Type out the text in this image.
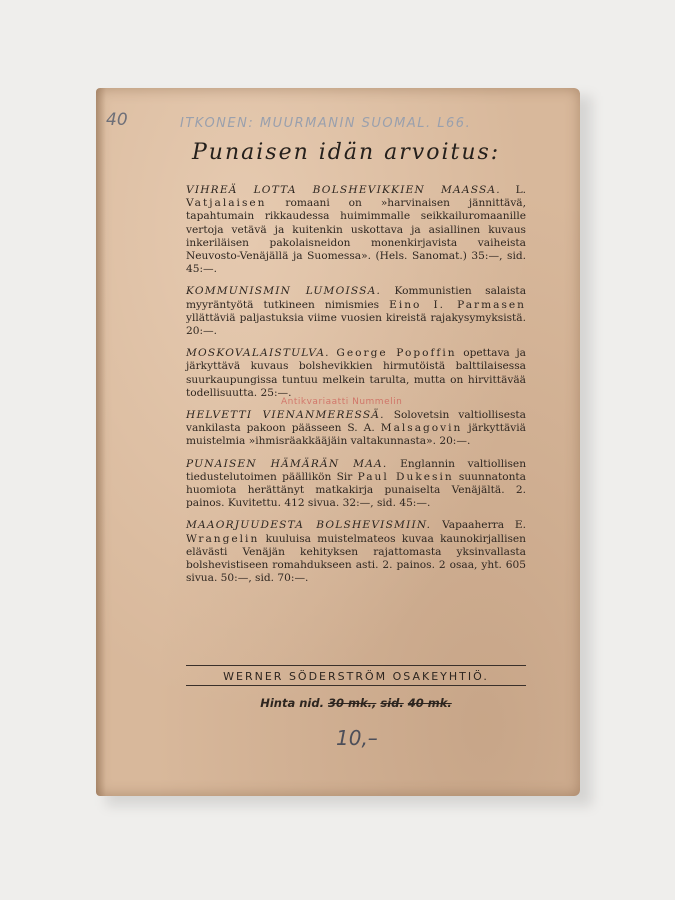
40	ITKONEN: MUURMANIN SUOMAL. L66.
Punaisen idän arvoitus:
VIHREÄ LOTTA BOLSHEVIKKIEN MAASSA. L. Vatjalaisen romaani on »harvinaisen jännittävä, tapahtumain rikkaudessa huimimmalle seikkailuromaanille vertoja vetävä ja kuitenkin uskottava ja asiallinen kuvaus inkeriläisen pakolaisneidon monenkirjavista vaiheista Neuvosto-Venäjällä ja Suomessa». (Hels. Sanomat.) 35:—, sid. 45:—.
KOMMUNISMIN LUMOISSA. Kommunistien salaista myyräntyötä tutkineen nimismies Eino I. Parmasen yllättäviä paljastuksia viime vuosien kireistä rajakysymyksistä. 20:—.
MOSKOVALAISTULVA. George Popoffin opettava ja järkyttävä kuvaus bolshevikkien hirmutöistä balttilaisessa suurkaupungissa tuntuu melkein tarulta, mutta on hirvittävää todellisuutta. 25:—.
HELVETTI VIENANMERESSÄ. Solovetsin valtiollisesta vankilasta pakoon päässeen S. A. Malsagovin järkyttäviä muistelmia »ihmisräakkääjäin valtakunnasta». 20:—.
PUNAISEN HÄMÄRÄN MAA. Englannin valtiollisen tiedustelutoimen päällikön Sir Paul Dukesin suunnatonta huomiota herättänyt matkakirja punaiselta Venäjältä. 2. painos. Kuvitettu. 412 sivua. 32:—, sid. 45:—.
MAAORJUUDESTA BOLSHEVISMIIN. Vapaaherra E. Wrangelin kuuluisa muistelmateos kuvaa kaunokirjallisen elävästi Venäjän kehityksen rajattomasta yksinvallasta bolshevistiseen romahdukseen asti. 2. painos. 2 osaa, yht. 605 sivua. 50:—, sid. 70:—.
Antikvariaatti Nummelin
WERNER SÖDERSTRÖM OSAKEYHTIÖ.
Hinta nid. 30 mk., sid. 40 mk.
10,–
